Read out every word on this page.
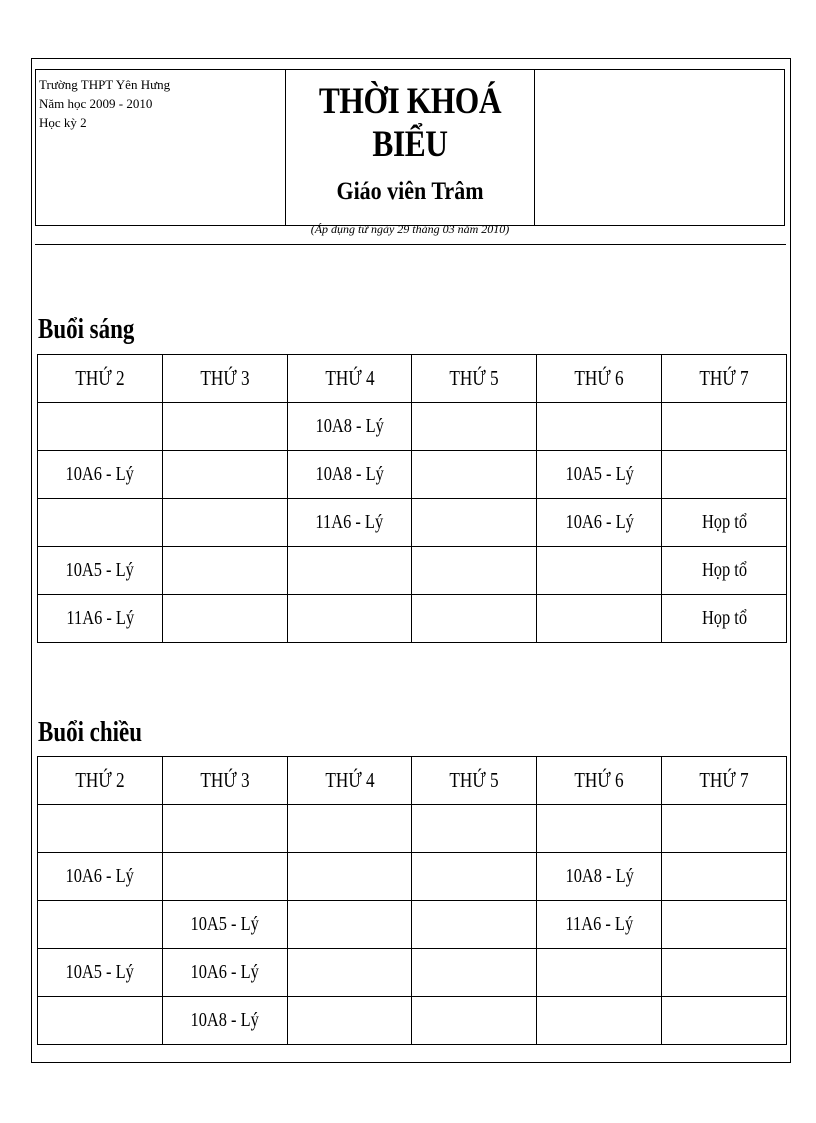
Trường THPT Yên Hưng
Năm học 2009 - 2010
Học kỳ 2
THỜI KHOÁ BIỂU
Giáo viên Trâm
(Áp dụng từ ngày 29 tháng 03 năm 2010)
Buổi sáng
THỨ 2	THỨ 3	THỨ 4	THỨ 5	THỨ 6	THỨ 7
		10A8 - Lý			
10A6 - Lý		10A8 - Lý		10A5 - Lý	
		11A6 - Lý		10A6 - Lý	Họp tổ
10A5 - Lý					Họp tổ
11A6 - Lý					Họp tổ
Buổi chiều
THỨ 2	THỨ 3	THỨ 4	THỨ 5	THỨ 6	THỨ 7

10A6 - Lý				10A8 - Lý	
	10A5 - Lý			11A6 - Lý	
10A5 - Lý	10A6 - Lý				
	10A8 - Lý				
